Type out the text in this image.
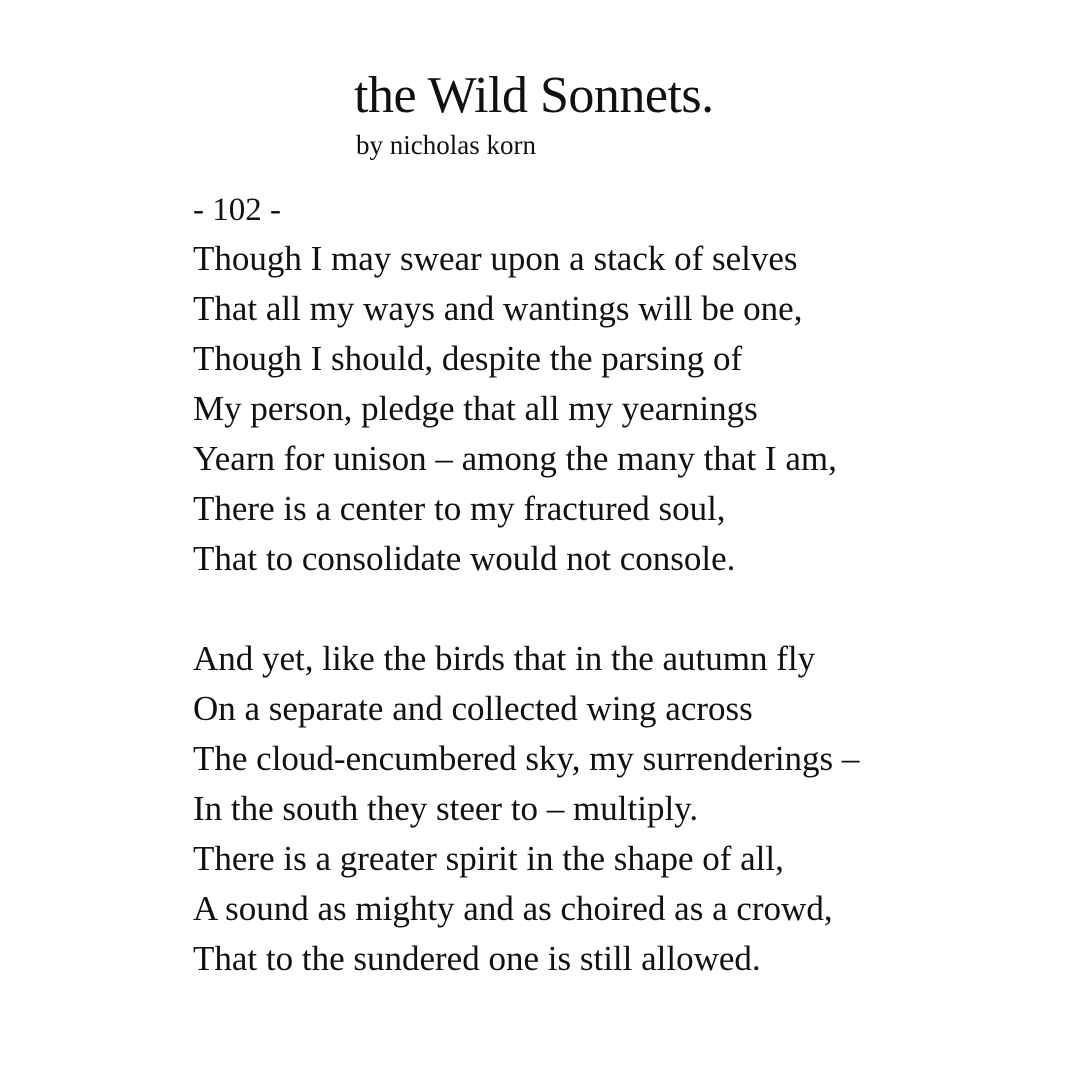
the Wild Sonnets.
by nicholas korn
- 102 -
Though I may swear upon a stack of selves
That all my ways and wantings will be one,
Though I should, despite the parsing of
My person, pledge that all my yearnings
Yearn for unison – among the many that I am,
There is a center to my fractured soul,
That to consolidate would not console.
And yet, like the birds that in the autumn fly
On a separate and collected wing across
The cloud-encumbered sky, my surrenderings –
In the south they steer to – multiply.
There is a greater spirit in the shape of all,
A sound as mighty and as choired as a crowd,
That to the sundered one is still allowed.
